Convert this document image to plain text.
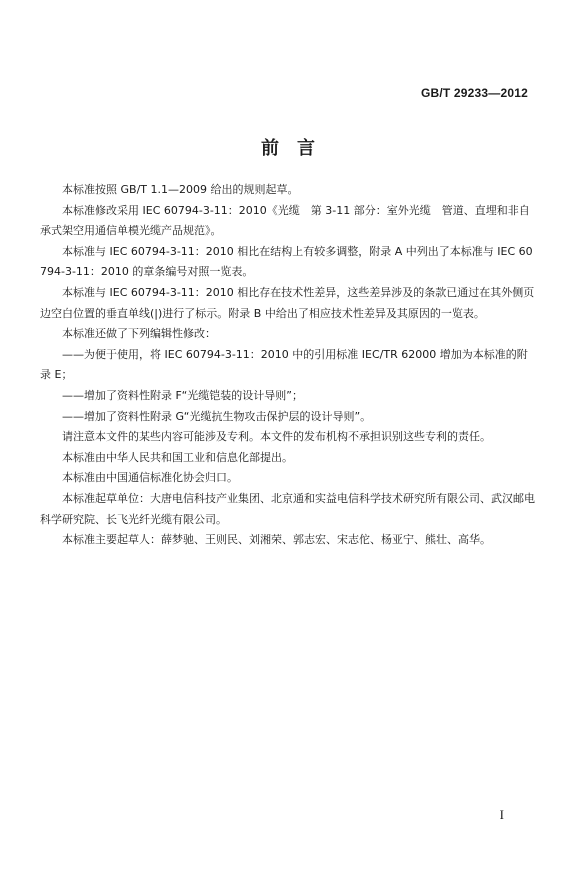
GB/T 29233—2012
前言

本标准按照 GB/T 1.1—2009 给出的规则起草。

本标准修改采用 IEC 60794-3-11：2010《光缆　第 3-11 部分：室外光缆　管道、直埋和非自承式架空用通信单模光缆产品规范》。

本标准与 IEC 60794-3-11：2010 相比在结构上有较多调整，附录 A 中列出了本标准与 IEC 60794-3-11：2010 的章条编号对照一览表。

本标准与 IEC 60794-3-11：2010 相比存在技术性差异，这些差异涉及的条款已通过在其外侧页边空白位置的垂直单线(|)进行了标示。附录 B 中给出了相应技术性差异及其原因的一览表。

本标准还做了下列编辑性修改：

——为便于使用，将 IEC 60794-3-11：2010 中的引用标准 IEC/TR 62000 增加为本标准的附录 E；

——增加了资料性附录 F“光缆铠装的设计导则”；

——增加了资料性附录 G“光缆抗生物攻击保护层的设计导则”。

请注意本文件的某些内容可能涉及专利。本文件的发布机构不承担识别这些专利的责任。

本标准由中华人民共和国工业和信息化部提出。

本标准由中国通信标准化协会归口。

本标准起草单位：大唐电信科技产业集团、北京通和实益电信科学技术研究所有限公司、武汉邮电科学研究院、长飞光纤光缆有限公司。

本标准主要起草人：薛梦驰、王则民、刘湘荣、郭志宏、宋志佗、杨亚宁、熊壮、高华。

I
